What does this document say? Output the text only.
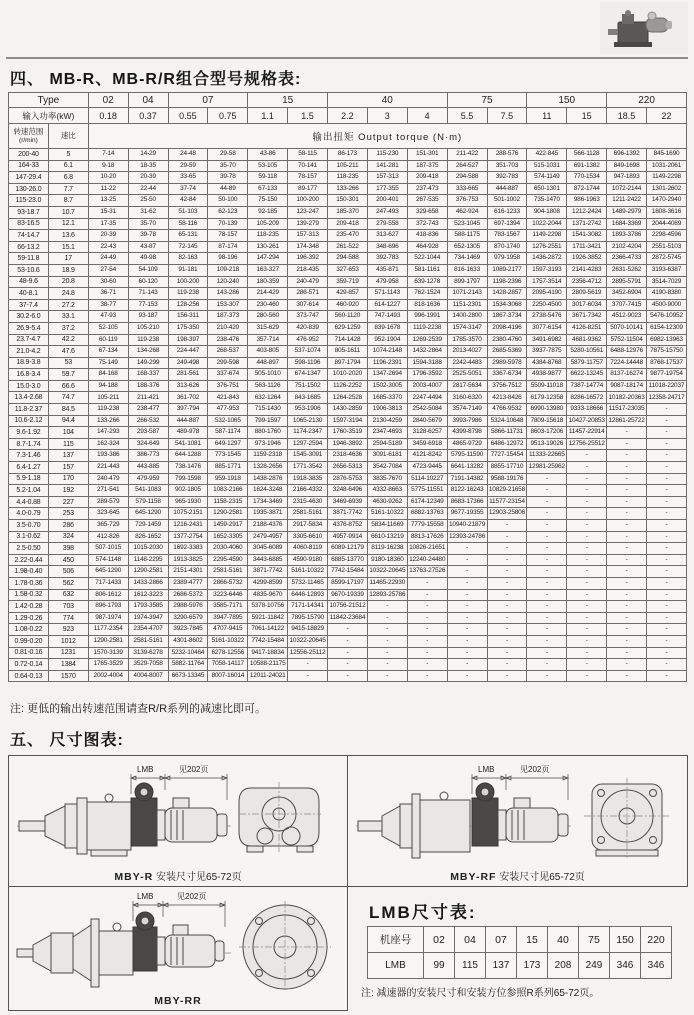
四、 MB-R、MB-R/R组合型号规格表:
Type		02	04	07		15		40			75		150		220	
输入功率(kW)		0.18	0.37	0.55	0.75	1.1	1.5	2.2	3	4	5.5	7.5	11	15	18.5	22
转速范围
(r/min)	速比	输出扭矩 Output torque (N·m)														
200-40	5	7-14	14-29	24-48	29-58	43-86	58-115	86-173	115-230	151-301	211-422	288-576	422-845	566-1128	696-1392	845-1690
164-33	6.1	9-18	18-35	29-59	35-70	53-105	70-141	105-211	141-281	187-375	264-527	351-703	515-1031	691-1382	849-1698	1031-2061
147-29.4	6.8	10-20	20-39	33-65	39-78	59-118	78-157	118-235	157-313	209-418	294-588	392-783	574-1149	770-1534	947-1893	1149-2298
130-26.0	7.7	11-22	22-44	37-74	44-89	67-133	89-177	133-266	177-355	237-473	333-665	444-887	650-1301	872-1744	1072-2144	1301-2602
115-23.0	8.7	13-25	25-50	42-84	50-100	75-150	100-200	150-301	200-401	267-535	376-753	501-1002	735-1470	986-1963	1211-2422	1470-2940
93-18.7	10.7	15-31	31-62	51-103	62-123	92-185	123-247	185-370	247-493	329-658	462-924	616-1233	904-1808	1212-2424	1489-2979	1808-3616
83-16.5	12.1	17-35	35-70	58-116	70-139	105-209	139-279	209-418	279-558	372-743	523-1045	697-1394	1022-2044	1371-2742	1684-3369	2044-4089
74-14.7	13.6	20-39	39-78	65-131	78-157	118-235	157-313	235-470	313-627	418-836	588-1175	783-1567	1149-2298	1541-3082	1893-3786	2298-4596
66-13.2	15.1	22-43	43-87	72-145	87-174	130-261	174-348	261-522	348-696	464-928	652-1305	870-1740	1276-2551	1711-3421	2102-4204	2551-5103
59-11.8	17	24-49	49-98	82-163	98-196	147-294	196-392	294-588	392-783	522-1044	734-1469	979-1958	1436-2872	1926-3852	2366-4733	2872-5745
53-10.6	18.9	27-54	54-109	91-181	109-218	163-327	218-435	327-653	435-871	581-1161	816-1633	1089-2177	1597-3193	2141-4283	2631-5262	3193-6387
48-9.6	20.8	30-60	60-120	100-200	120-240	180-359	240-479	359-719	479-958	639-1278	899-1797	1198-2396	1757-3514	2356-4712	2895-5791	3514-7029
40-8.1	24.8	36-71	71-143	119-238	143-286	214-429	286-571	429-857	571-1143	762-1524	1071-2143	1428-2857	2095-4190	2809-5619	3452-6904	4190-8380
37-7.4	27.2	38-77	77-153	128-256	153-307	230-460	307-614	460-920	614-1227	818-1636	1151-2301	1534-3068	2250-4500	3017-6034	3707-7415	4500-9000
30.2-6.0	33.1	47-93	93-187	156-311	187-373	280-560	373-747	560-1120	747-1493	996-1991	1400-2800	1867-3734	2738-5476	3671-7342	4512-9023	5476-10952
26.9-5.4	37.2	52-105	105-210	175-350	210-420	315-629	420-839	629-1259	839-1678	1119-2238	1574-3147	2098-4196	3077-6154	4126-8251	5070-10141	6154-12309
23.7-4.7	42.2	60-119	119-238	198-397	238-476	357-714	476-952	714-1428	952-1904	1269-2539	1785-3570	2380-4760	3491-6982	4681-9362	5752-11504	6982-13963
21.0-4.2	47.6	67-134	134-268	224-447	268-537	403-805	537-1074	805-1611	1074-2148	1432-2864	2013-4027	2685-5369	3937-7875	5280-10561	6488-12976	7875-15750
18.9-3.8	53	75-149	149-299	249-498	299-598	448-897	598-1196	897-1794	1196-2391	1594-3188	2242-4483	2989-5978	4384-8768	5879-11757	7224-14448	8768-17537
16.8-3.4	59.7	84-168	168-337	281-561	337-674	505-1010	674-1347	1010-2020	1347-2694	1796-3592	2525-5051	3367-6734	4938-9877	6622-13245	8137-16274	9877-19754
15.0-3.0	66.6	94-188	188-376	313-626	376-751	563-1126	751-1502	1126-2252	1502-3005	2003-4007	2817-5634	3756-7512	5509-11018	7387-14774	9087-18174	11018-22037
13.4-2.68	74.7	105-211	211-421	361-702	421-843	632-1264	843-1685	1264-2528	1685-3370	2247-4494	3160-6320	4213-8426	6179-12358	8286-16572	10182-20363	12358-24717
11.8-2.37	84.5	119-238	238-477	397-794	477-953	715-1430	953-1906	1430-2859	1906-3813	2542-5084	3574-7149	4766-9532	6990-13980	9333-18666	11517-23035	-
10.6-2.12	94.4	133-266	266-532	444-887	532-1065	799-1597	1065-2130	1597-3194	2130-4259	2840-5679	3993-7986	5324-10648	7809-15618	10427-20853	12861-25722	-
9.6-1.92	104	147-293	293-587	489-978	587-1174	880-1760	1174-2347	1760-3519	2347-4693	3128-6257	4399-8798	5866-11731	8603-17206	11457-22914	-	-
8.7-1.74	115	162-324	324-649	541-1081	649-1297	973-1946	1297-2594	1946-3892	2594-5189	3459-6918	4865-9729	6486-12972	9513-19026	12756-25512	-	-
7.3-1.46	137	193-386	386-773	644-1288	773-1545	1159-2318	1545-3091	2318-4636	3091-6181	4121-8242	5795-11590	7727-15454	11333-22665	-	-	-
6.4-1.27	157	221-443	443-885	738-1476	885-1771	1328-2656	1771-3542	2656-5313	3542-7084	4723-9445	6641-13282	8855-17710	12981-25962	-	-	-
5.9-1.18	170	240-479	479-959	799-1598	959-1918	1438-2876	1918-3835	2876-5753	3835-7670	5114-10227	7191-14382	9588-19176	-	-	-	-
5.2-1.04	192	271-541	541-1083	902-1805	1083-2166	1624-3248	2166-4332	3248-6496	4332-8663	5775-11551	8122-16243	10829-21658	-	-	-	-
4.4-0.88	227	289-579	579-1158	965-1930	1158-2315	1734-3469	2315-4630	3469-6939	4630-9262	6174-12349	8683-17366	11577-23154	-	-	-	-
4.0-0.79	253	323-645	645-1290	1075-2151	1290-2581	1935-3871	2581-5161	3871-7742	5161-10322	6882-13763	9677-19355	12903-25806	-	-	-	-
3.5-0.70	286	365-729	729-1459	1216-2431	1459-2917	2188-4376	2917-5834	4376-8752	5834-11669	7779-15558	10940-21879	-	-	-	-	-
3.1-0.62	324	412-826	826-1652	1377-2754	1652-3305	2479-4957	3305-6610	4957-9914	6610-13219	8813-17626	12393-24786	-	-	-	-	-
2.5-0.50	398	507-1015	1015-2030	1692-3383	2030-4060	3045-6089	4060-8119	6089-12179	8119-16238	10826-21651	-	-	-	-	-	-
2.22-0.44	450	574-1148	1148-2295	1913-3825	2295-4590	3443-6885	4590-9180	6885-13770	9180-18360	12240-24480	-	-	-	-	-	-
1.98-0.40	506	645-1290	1290-2581	2151-4301	2581-5161	3871-7742	5161-10322	7742-15484	10322-20645	13763-27526	-	-	-	-	-	-
1.78-0.36	562	717-1433	1433-2866	2389-4777	2866-5732	4299-8599	5732-11465	8599-17197	11465-22930	-	-	-	-	-	-	-
1.58-0.32	632	806-1612	1612-3223	2686-5372	3223-6446	4835-9670	6446-12893	9670-19339	12893-25786	-	-	-	-	-	-	-
1.42-0.28	703	896-1793	1793-3585	2988-5976	3585-7171	5378-10756	7171-14341	10756-21512	-	-	-	-	-	-	-	-
1.29-0.26	774	987-1974	1974-3947	3290-6579	3947-7895	5921-11842	7895-15790	11842-23684	-	-	-	-	-	-	-	-
1.08-0.22	923	1177-2354	2354-4707	3923-7845	4707-9415	7061-14122	9415-18829	-	-	-	-	-	-	-	-	-
0.99-0.20	1012	1290-2581	2581-5161	4301-8602	5161-10322	7742-15484	10322-20645	-	-	-	-	-	-	-	-	-
0.81-0.16	1231	1570-3139	3139-6278	5232-10464	6278-12556	9417-18834	12556-25112	-	-	-	-	-	-	-	-	-
0.72-0.14	1384	1765-3529	3529-7058	5882-11764	7058-14117	10588-21175	-	-	-	-	-	-	-	-	-	-
0.64-0.13	1570	2002-4004	4004-8007	6673-13345	8007-16014	12011-24021	-	-	-	-	-	-	-	-	-	-
注: 更低的输出转速范围请查R/R系列的减速比即可。
五、 尺寸图表:
LMB	见202页
MBY-R 安装尺寸见65-72页
LMB	见202页
MBY-RF 安装尺寸见65-72页
LMB	见202页
MBY-RR
LMB尺寸表:
机座号	02	04	07	15	40	75	150	220
LMB	99	115	137	173	208	249	346	346
注: 减速器的安装尺寸和安装方位参照R系列65-72页。
